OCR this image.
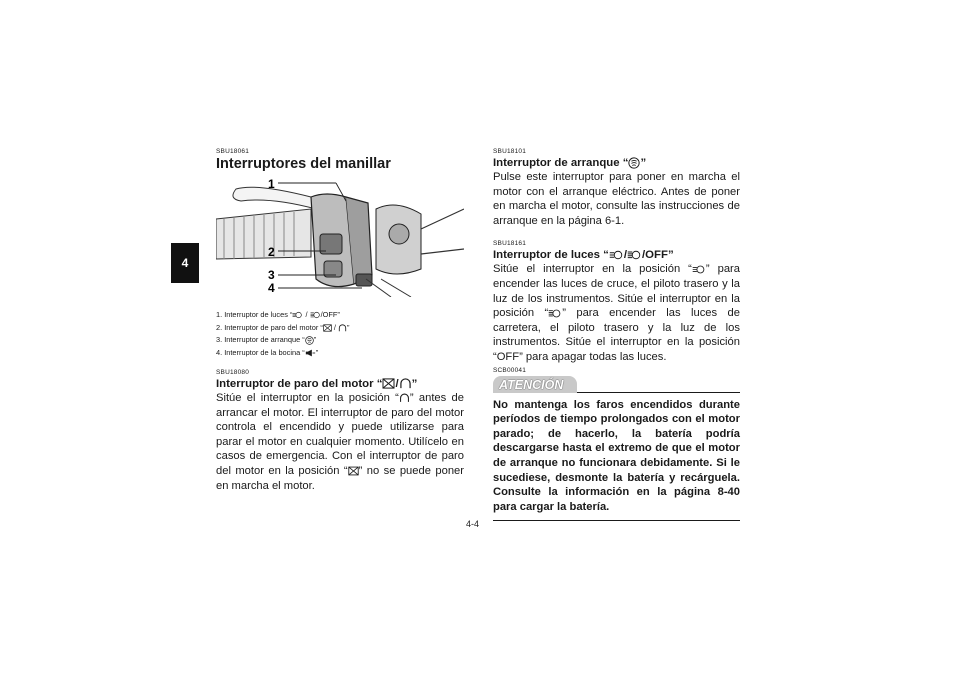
4

SBU18061

Interruptores del manillar
1
2
3
4
1. Interruptor de luces “ / /OFF”
2. Interruptor de paro del motor “ / ”
3. Interruptor de arranque “ ”
4. Interruptor de la bocina “ ”

SBU18080

Interruptor de paro del motor “ / ”

Sitúe el interruptor en la posición “ ” antes de arrancar el motor. El interruptor de paro del motor controla el encendido y puede utilizarse para parar el motor en cualquier momento. Utilícelo en casos de emergencia. Con el interruptor de paro del motor en la posición “ ” no se puede poner en marcha el motor.

SBU18101

Interruptor de arranque “ ”

Pulse este interruptor para poner en marcha el motor con el arranque eléctrico. Antes de poner en marcha el motor, consulte las instrucciones de arranque en la página 6-1.

SBU18161

Interruptor de luces “ / /OFF”

Sitúe el interruptor en la posición “ ” para encender las luces de cruce, el piloto trasero y la luz de los instrumentos. Sitúe el interruptor en la posición “ ” para encender las luces de carretera, el piloto trasero y la luz de los instrumentos. Sitúe el interruptor en la posición “OFF” para apagar todas las luces.

SCB00041

ATENCIÓN

No mantenga los faros encendidos durante períodos de tiempo prolongados con el motor parado; de hacerlo, la batería podría descargarse hasta el extremo de que el motor de arranque no funcionara debidamente. Si le sucediese, desmonte la batería y recárguela. Consulte la información en la página 8-40 para cargar la batería.

4-4
